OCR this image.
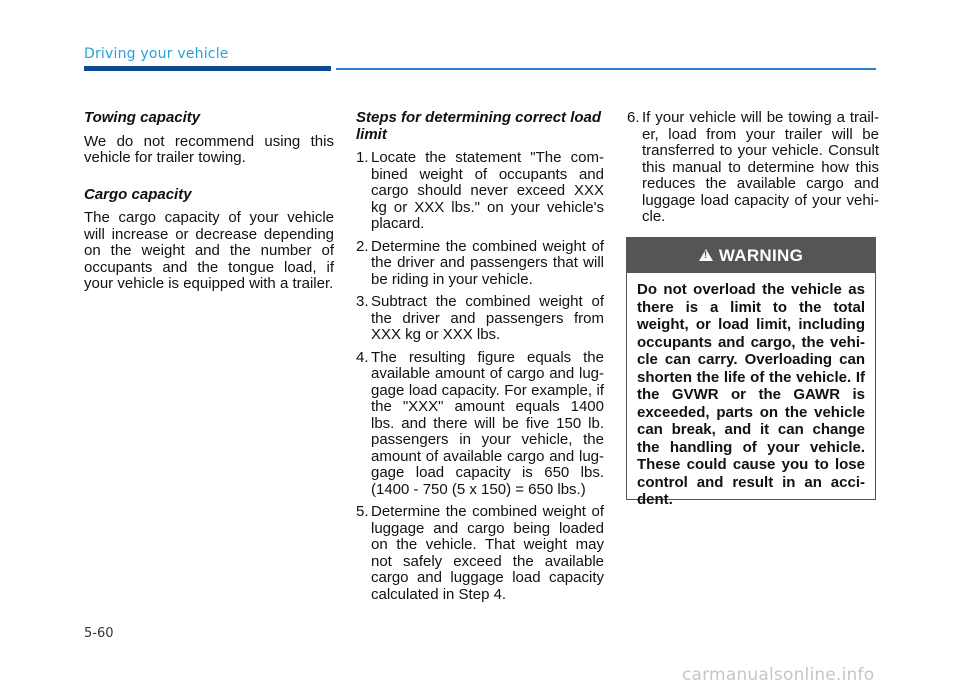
Driving your vehicle
Towing capacity

We do not recommend using this vehicle for trailer towing.

Cargo capacity

The cargo capacity of your vehicle will increase or decrease depending on the weight and the number of occupants and the tongue load, if your vehicle is equipped with a trailer.

Steps for determining correct load limit
1. Locate the statement "The com-bined weight of occupants and cargo should never exceed XXX kg or XXX lbs." on your vehicle's placard.
2. Determine the combined weight of the driver and passengers that will be riding in your vehicle.
3. Subtract the combined weight of the driver and passengers from XXX kg or XXX lbs.
4. The resulting figure equals the available amount of cargo and lug-gage load capacity. For example, if the "XXX" amount equals 1400 lbs. and there will be five 150 lb. passengers in your vehicle, the amount of available cargo and lug-gage load capacity is 650 lbs. (1400 - 750 (5 x 150) = 650 lbs.)
5. Determine the combined weight of luggage and cargo being loaded on the vehicle. That weight may not safely exceed the available cargo and luggage load capacity calculated in Step 4.
6. If your vehicle will be towing a trail-er, load from your trailer will be transferred to your vehicle. Consult this manual to determine how this reduces the available cargo and luggage load capacity of your vehi-cle.
!
WARNING
Do not overload the vehicle as there is a limit to the total weight, or load limit, including occupants and cargo, the vehi-cle can carry. Overloading can shorten the life of the vehicle. If the GVWR or the GAWR is exceeded, parts on the vehicle can break, and it can change the handling of your vehicle. These could cause you to lose control and result in an acci-dent.
5-60
carmanualsonline.info
